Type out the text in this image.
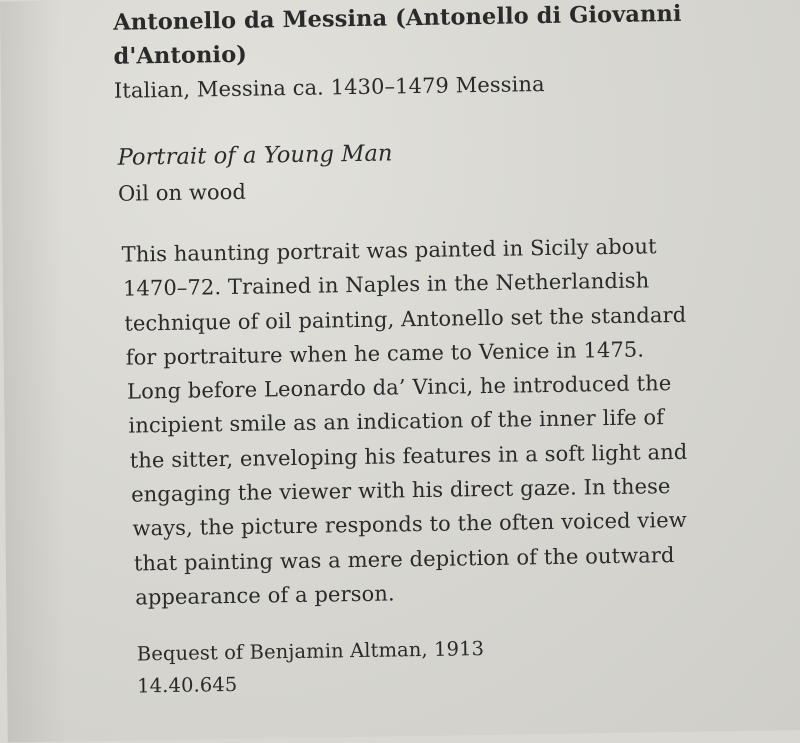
Antonello da Messina (Antonello di Giovanni
d'Antonio)
Italian, Messina ca. 1430–1479 Messina
Portrait of a Young Man
Oil on wood
This haunting portrait was painted in Sicily about
1470–72. Trained in Naples in the Netherlandish
technique of oil painting, Antonello set the standard
for portraiture when he came to Venice in 1475.
Long before Leonardo da’ Vinci, he introduced the
incipient smile as an indication of the inner life of
the sitter, enveloping his features in a soft light and
engaging the viewer with his direct gaze. In these
ways, the picture responds to the often voiced view
that painting was a mere depiction of the outward
appearance of a person.
Bequest of Benjamin Altman, 1913
14.40.645
